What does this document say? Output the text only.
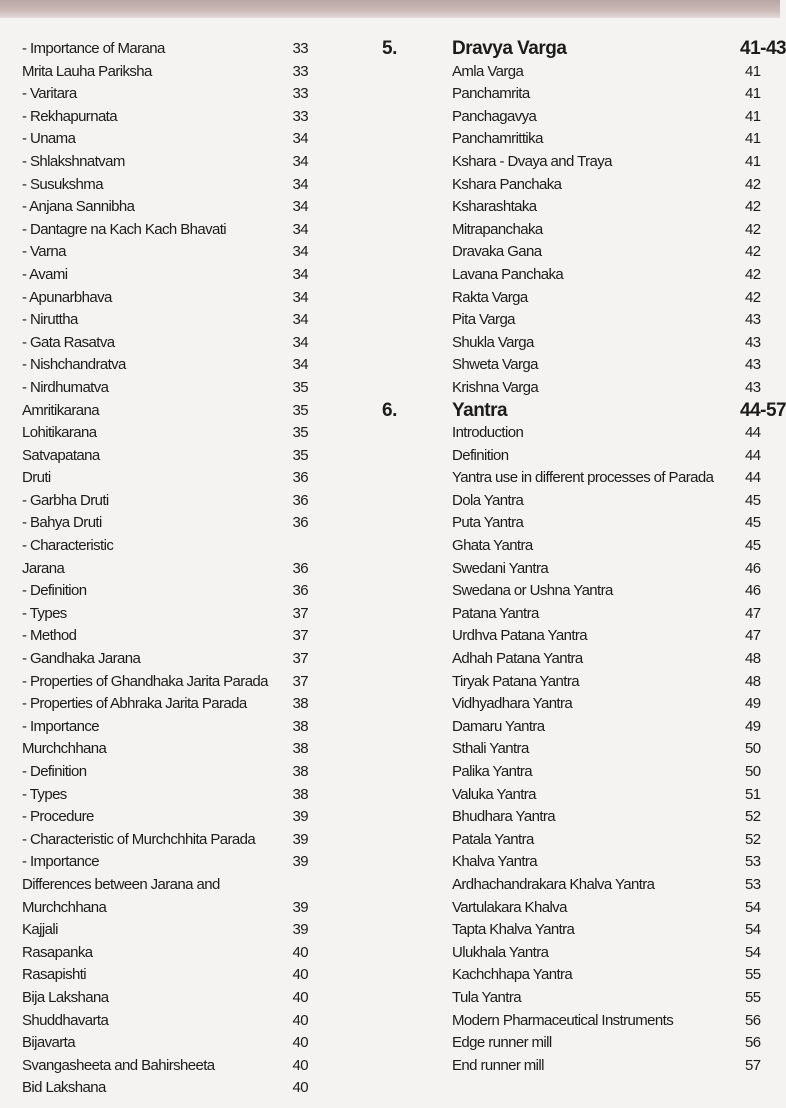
- Importance of Marana	33
Mrita Lauha Pariksha	33
- Varitara	33
- Rekhapurnata	33
- Unama	34
- Shlakshnatvam	34
- Susukshma	34
- Anjana Sannibha	34
- Dantagre na Kach Kach Bhavati	34
- Varna	34
- Avami	34
- Apunarbhava	34
- Niruttha	34
- Gata Rasatva	34
- Nishchandratva	34
- Nirdhumatva	35
Amritikarana	35
Lohitikarana	35
Satvapatana	35
Druti	36
- Garbha Druti	36
- Bahya Druti	36
- Characteristic
Jarana	36
- Definition	36
- Types	37
- Method	37
- Gandhaka Jarana	37
- Properties of Ghandhaka Jarita Parada 37
- Properties of Abhraka Jarita Parada	38
- Importance	38
Murchchhana	38
- Definition	38
- Types	38
- Procedure	39
- Characteristic of Murchchhita Parada 39
- Importance	39
Differences between Jarana and
Murchchhana	39
Kajjali	39
Rasapanka	40
Rasapishti	40
Bija Lakshana	40
Shuddhavarta	40
Bijavarta	40
Svangasheeta and Bahirsheeta	40
Bid Lakshana	40
5.	Dravya Varga	41-43
Amla Varga	41
Panchamrita	41
Panchagavya	41
Panchamrittika	41
Kshara - Dvaya and Traya	41
Kshara Panchaka	42
Ksharashtaka	42
Mitrapanchaka	42
Dravaka Gana	42
Lavana Panchaka	42
Rakta Varga	42
Pita Varga	43
Shukla Varga	43
Shweta Varga	43
Krishna Varga	43
6.	Yantra	44-57
Introduction	44
Definition	44
Yantra use in different processes of Parada 44
Dola Yantra	45
Puta Yantra	45
Ghata Yantra	45
Swedani Yantra	46
Swedana or Ushna Yantra	46
Patana Yantra	47
Urdhva Patana Yantra	47
Adhah Patana Yantra	48
Tiryak Patana Yantra	48
Vidhyadhara Yantra	49
Damaru Yantra	49
Sthali Yantra	50
Palika Yantra	50
Valuka Yantra	51
Bhudhara Yantra	52
Patala Yantra	52
Khalva Yantra	53
Ardhachandrakara Khalva Yantra	53
Vartulakara Khalva	54
Tapta Khalva Yantra	54
Ulukhala Yantra	54
Kachchhapa Yantra	55
Tula Yantra	55
Modern Pharmaceutical Instruments	56
Edge runner mill	56
End runner mill	57
